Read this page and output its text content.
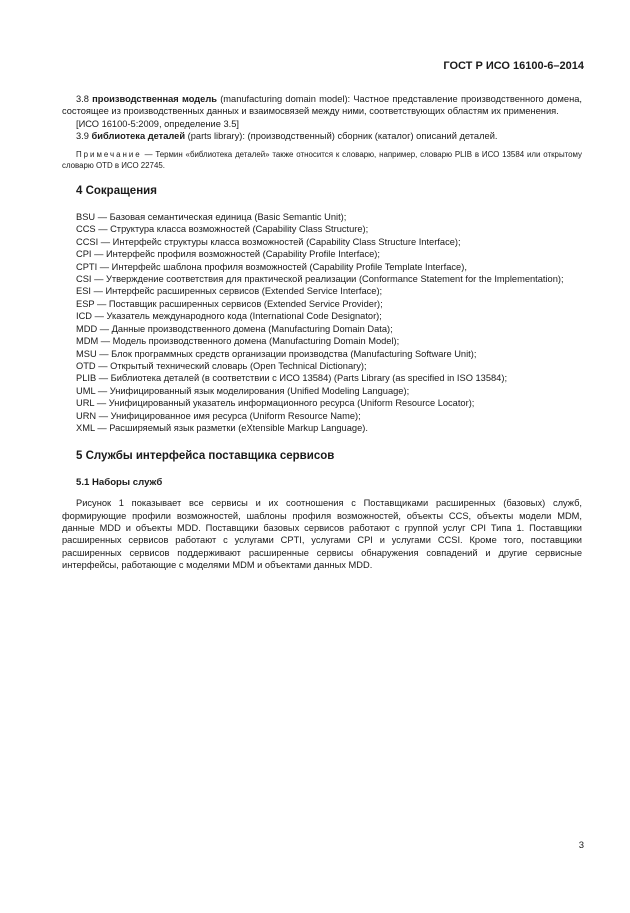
ГОСТ Р ИСО 16100-6–2014
3.8 производственная модель (manufacturing domain model): Частное представление производственного домена, состоящее из производственных данных и взаимосвязей между ними, соответствующих областям их применения.
[ИСО 16100-5:2009, определение 3.5]
3.9 библиотека деталей (parts library): (производственный) сборник (каталог) описаний деталей.
Примечание — Термин «библиотека деталей» также относится к словарю, например, словарю PLIB в ИСО 13584 или открытому словарю OTD в ИСО 22745.
4 Сокращения
BSU — Базовая семантическая единица (Basic Semantic Unit);
CCS — Структура класса возможностей (Capability Class Structure);
CCSI — Интерфейс структуры класса возможностей (Capability Class Structure Interface);
CPI — Интерфейс профиля возможностей (Capability Profile Interface);
CPTI — Интерфейс шаблона профиля возможностей (Capability Profile Template Interface),
CSI — Утверждение соответствия для практической реализации (Conformance Statement for the Implementation);
ESI — Интерфейс расширенных сервисов (Extended Service Interface);
ESP — Поставщик расширенных сервисов (Extended Service Provider);
ICD — Указатель международного кода (International Code Designator);
MDD — Данные производственного домена (Manufacturing Domain Data);
MDM — Модель производственного домена (Manufacturing Domain Model);
MSU — Блок программных средств организации производства (Manufacturing Software Unit);
OTD — Открытый технический словарь (Open Technical Dictionary);
PLIB — Библиотека деталей (в соответствии с ИСО 13584) (Parts Library (as specified in ISO 13584);
UML — Унифицированный язык моделирования (Unified Modeling Language);
URL — Унифицированный указатель информационного ресурса (Uniform Resource Locator);
URN — Унифицированное имя ресурса (Uniform Resource Name);
XML — Расширяемый язык разметки (eXtensible Markup Language).
5 Службы интерфейса поставщика сервисов
5.1 Наборы служб
Рисунок 1 показывает все сервисы и их соотношения с Поставщиками расширенных (базовых) служб, формирующие профили возможностей, шаблоны профиля возможностей, объекты CCS, объекты модели MDM, данные MDD и объекты MDD. Поставщики базовых сервисов работают с группой услуг CPI Типа 1. Поставщики расширенных сервисов работают с услугами CPTI, услугами CPI и услугами CCSI. Кроме того, поставщики расширенных сервисов поддерживают расширенные сервисы обнаружения совпадений и другие сервисные интерфейсы, работающие с моделями MDM и объектами данных MDD.
3
